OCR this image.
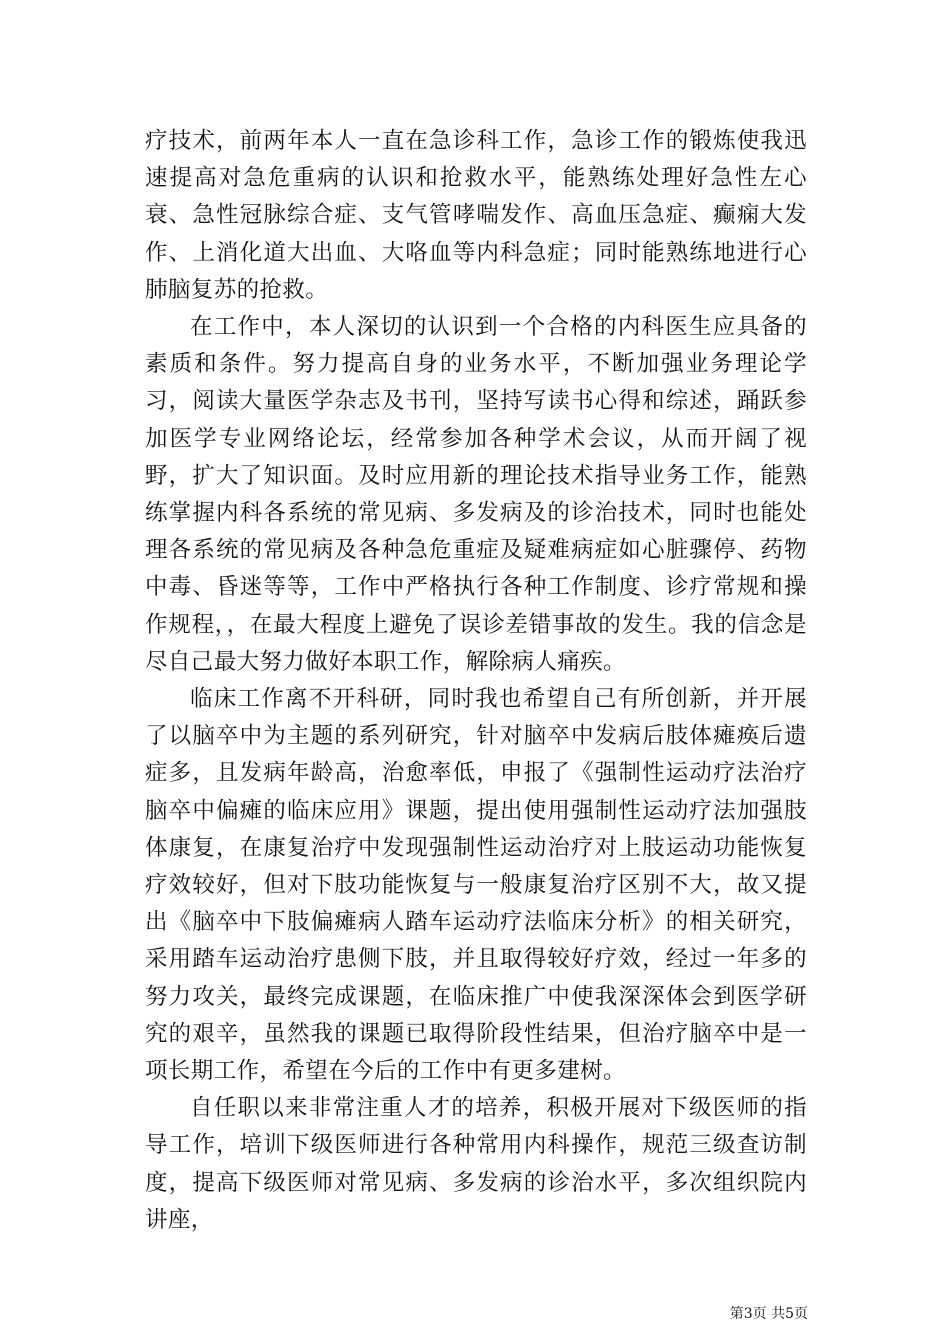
疗技术，前两年本人一直在急诊科工作，急诊工作的锻炼使我迅速提高对急危重病的认识和抢救水平，能熟练处理好急性左心衰、急性冠脉综合症、支气管哮喘发作、高血压急症、癫痫大发作、上消化道大出血、大咯血等内科急症；同时能熟练地进行心肺脑复苏的抢救。

在工作中，本人深切的认识到一个合格的内科医生应具备的素质和条件。努力提高自身的业务水平，不断加强业务理论学习，阅读大量医学杂志及书刊，坚持写读书心得和综述，踊跃参加医学专业网络论坛，经常参加各种学术会议，从而开阔了视野，扩大了知识面。及时应用新的理论技术指导业务工作，能熟练掌握内科各系统的常见病、多发病及的诊治技术，同时也能处理各系统的常见病及各种急危重症及疑难病症如心脏骤停、药物中毒、昏迷等等，工作中严格执行各种工作制度、诊疗常规和操作规程，，在最大程度上避免了误诊差错事故的发生。我的信念是尽自己最大努力做好本职工作，解除病人痛疾。

临床工作离不开科研，同时我也希望自己有所创新，并开展了以脑卒中为主题的系列研究，针对脑卒中发病后肢体瘫痪后遗症多，且发病年龄高，治愈率低，申报了《强制性运动疗法治疗脑卒中偏瘫的临床应用》课题，提出使用强制性运动疗法加强肢体康复，在康复治疗中发现强制性运动治疗对上肢运动功能恢复疗效较好，但对下肢功能恢复与一般康复治疗区别不大，故又提出《脑卒中下肢偏瘫病人踏车运动疗法临床分析》的相关研究，采用踏车运动治疗患侧下肢，并且取得较好疗效，经过一年多的努力攻关，最终完成课题，在临床推广中使我深深体会到医学研究的艰辛，虽然我的课题已取得阶段性结果，但治疗脑卒中是一项长期工作，希望在今后的工作中有更多建树。

自任职以来非常注重人才的培养，积极开展对下级医师的指导工作，培训下级医师进行各种常用内科操作，规范三级查访制度，提高下级医师对常见病、多发病的诊治水平，多次组织院内讲座，

第3页 共5页
